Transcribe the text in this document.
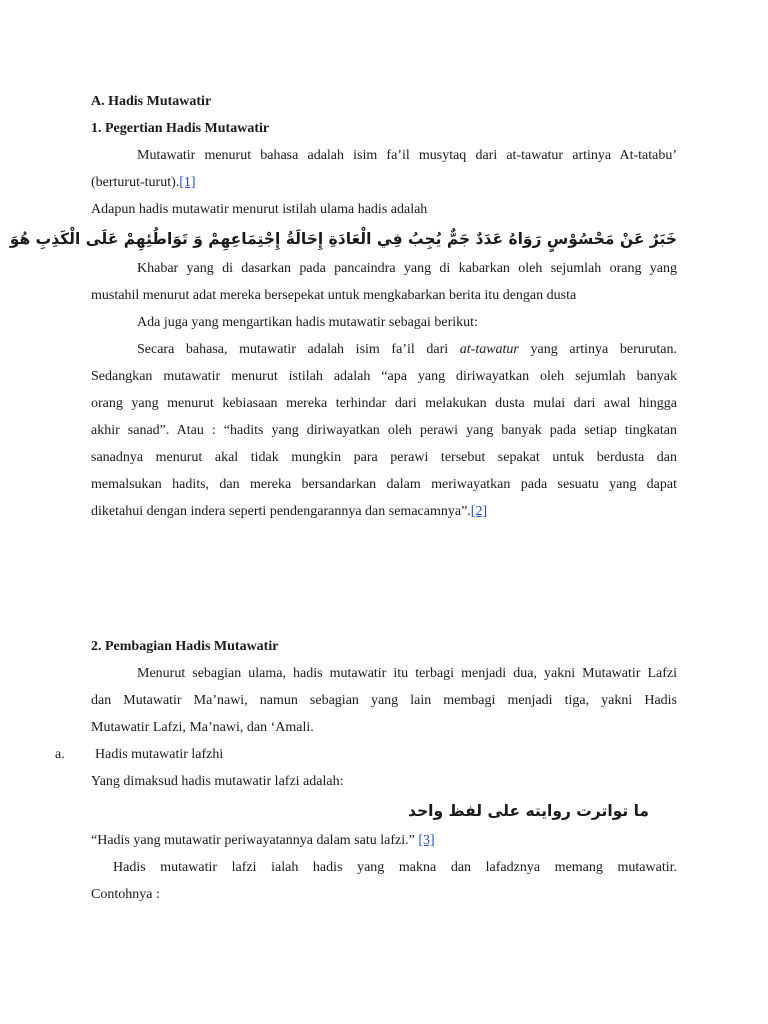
A. Hadis Mutawatir

1. Pegertian Hadis Mutawatir

Mutawatir menurut bahasa adalah isim fa’il musytaq dari at-tawatur artinya At-tatabu’

(berturut-turut).[1]

Adapun hadis mutawatir menurut istilah ulama hadis adalah

خَبَرٌ عَنْ مَحْسُوْسٍ رَوَاهُ عَدَدٌ جَمٌّ يُجِبُ فِي الْعَادَةِ إِحَالَةُ إِجْتِمَاعِهِمْ وَ تَوَاطُئِهِمْ عَلَى الْكَذِبِ هُوَ

Khabar yang di dasarkan pada pancaindra yang di kabarkan oleh sejumlah orang yang

mustahil menurut adat mereka bersepekat untuk mengkabarkan berita itu dengan dusta

Ada juga yang mengartikan hadis mutawatir sebagai berikut:

Secara bahasa, mutawatir adalah isim fa’il dari at-tawatur yang artinya berurutan.

Sedangkan mutawatir menurut istilah adalah “apa yang diriwayatkan oleh sejumlah banyak

orang yang menurut kebiasaan mereka terhindar dari melakukan dusta mulai dari awal hingga

akhir sanad”. Atau : “hadits yang diriwayatkan oleh perawi yang banyak pada setiap tingkatan

sanadnya menurut akal tidak mungkin para perawi tersebut sepakat untuk berdusta dan

memalsukan hadits, dan mereka bersandarkan dalam meriwayatkan pada sesuatu yang dapat

diketahui dengan indera seperti pendengarannya dan semacamnya”.[2]

2. Pembagian Hadis Mutawatir

Menurut sebagian ulama, hadis mutawatir itu terbagi menjadi dua, yakni Mutawatir Lafzi

dan Mutawatir Ma’nawi, namun sebagian yang lain membagi menjadi tiga, yakni Hadis

Mutawatir Lafzi, Ma’nawi, dan ‘Amali.

a. Hadis mutawatir lafzhi

Yang dimaksud hadis mutawatir lafzi adalah:

ما تواترت روايته على لفظ واحد

“Hadis yang mutawatir periwayatannya dalam satu lafzi.” [3]

Hadis mutawatir lafzi ialah hadis yang makna dan lafadznya memang mutawatir.

Contohnya :
